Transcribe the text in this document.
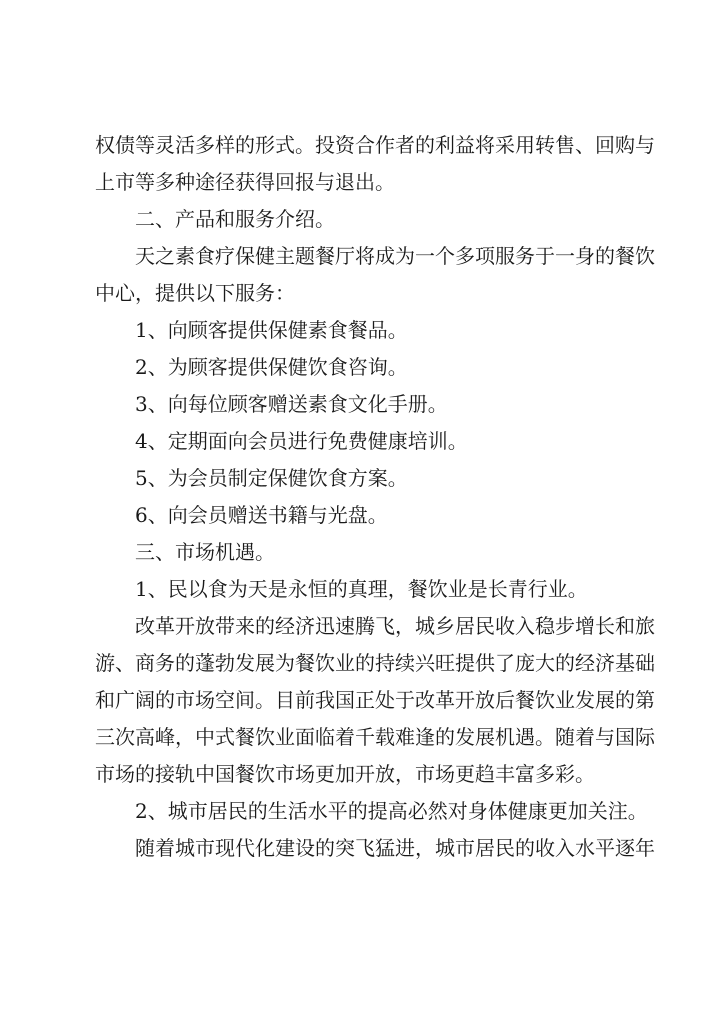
权债等灵活多样的形式。投资合作者的利益将采用转售、回购与
上市等多种途径获得回报与退出。
二、产品和服务介绍。
天之素食疗保健主题餐厅将成为一个多项服务于一身的餐饮
中心，提供以下服务：
1、向顾客提供保健素食餐品。
2、为顾客提供保健饮食咨询。
3、向每位顾客赠送素食文化手册。
4、定期面向会员进行免费健康培训。
5、为会员制定保健饮食方案。
6、向会员赠送书籍与光盘。
三、市场机遇。
1、民以食为天是永恒的真理，餐饮业是长青行业。
改革开放带来的经济迅速腾飞，城乡居民收入稳步增长和旅
游、商务的蓬勃发展为餐饮业的持续兴旺提供了庞大的经济基础
和广阔的市场空间。目前我国正处于改革开放后餐饮业发展的第
三次高峰，中式餐饮业面临着千载难逢的发展机遇。随着与国际
市场的接轨中国餐饮市场更加开放，市场更趋丰富多彩。
2、城市居民的生活水平的提高必然对身体健康更加关注。
随着城市现代化建设的突飞猛进，城市居民的收入水平逐年
